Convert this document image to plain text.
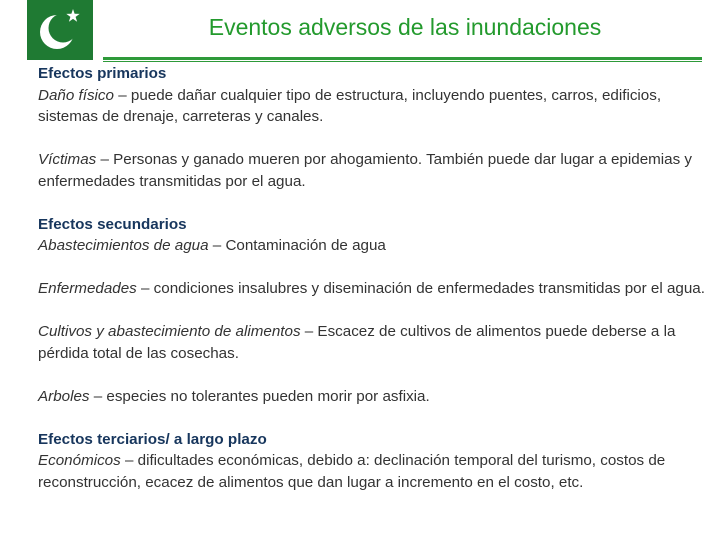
Eventos adversos de las inundaciones

Efectos primarios

Daño físico – puede dañar cualquier tipo de estructura, incluyendo puentes, carros, edificios, sistemas de drenaje, carreteras y canales.

Víctimas – Personas y ganado mueren por ahogamiento. También puede dar lugar a epidemias y enfermedades transmitidas por el agua.

Efectos secundarios

Abastecimientos de agua – Contaminación de agua

Enfermedades – condiciones insalubres y diseminación de enfermedades transmitidas por el agua.

Cultivos y abastecimiento de alimentos – Escacez de cultivos de alimentos puede deberse a la pérdida total de las cosechas.

Arboles – especies no tolerantes pueden morir por asfixia.

Efectos terciarios/ a largo plazo

Económicos – dificultades económicas, debido a: declinación temporal del turismo, costos de reconstrucción, ecacez de alimentos que dan lugar a incremento en el costo, etc.
